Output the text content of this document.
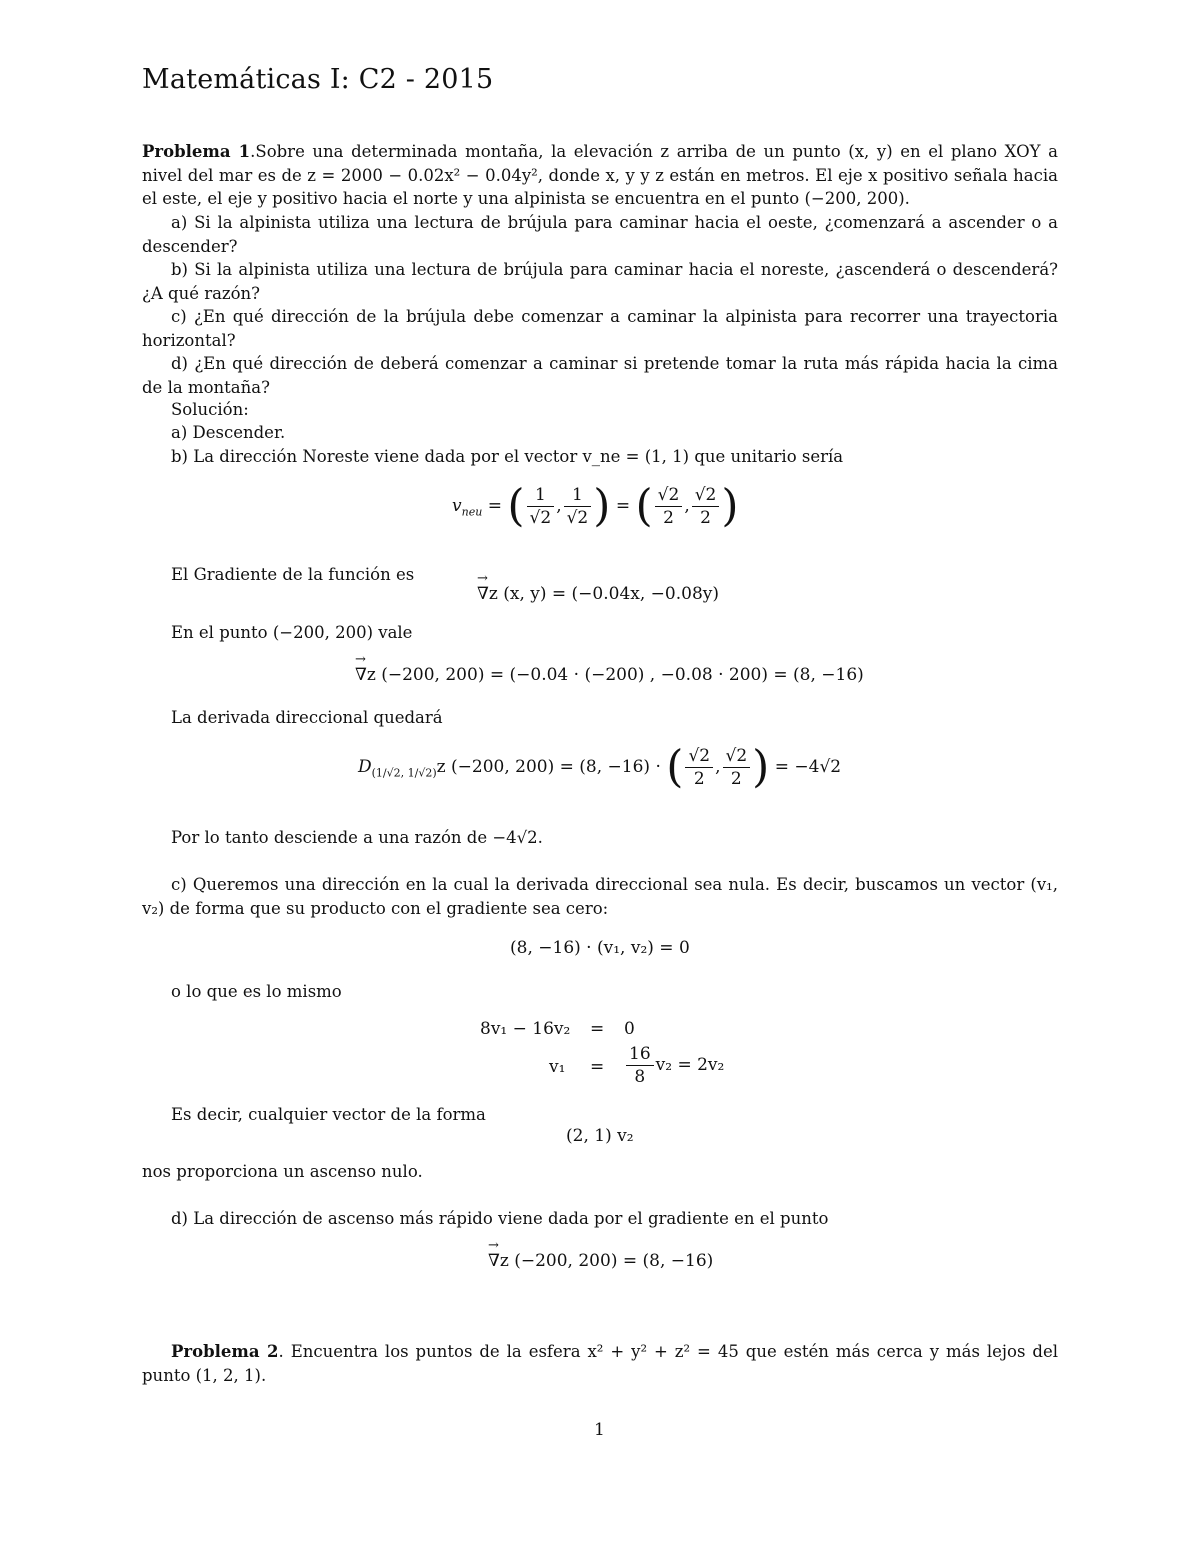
Matemáticas I: C2 - 2015
Problema 1.Sobre una determinada montaña, la elevación z arriba de un punto (x, y) en el plano XOY a nivel del mar es de z = 2000 − 0.02x² − 0.04y², donde x, y y z están en metros. El eje x positivo señala hacia el este, el eje y positivo hacia el norte y una alpinista se encuentra en el punto (−200, 200).
a) Si la alpinista utiliza una lectura de brújula para caminar hacia el oeste, ¿comenzará a ascender o a descender?
b) Si la alpinista utiliza una lectura de brújula para caminar hacia el noreste, ¿ascenderá o descenderá? ¿A qué razón?
c) ¿En qué dirección de la brújula debe comenzar a caminar la alpinista para recorrer una trayectoria horizontal?
d) ¿En qué dirección de deberá comenzar a caminar si pretende tomar la ruta más rápida hacia la cima de la montaña?
Solución:
a) Descender.
b) La dirección Noreste viene dada por el vector v_ne = (1, 1) que unitario sería
$v_{neu}$ = ( $\frac{1}{√2}$ , $\frac{1}{√2}$ ) = ( $\frac{√2}{2}$ , $\frac{√2}{2}$ )
El Gradiente de la función es
→ ∇z (x, y) = (−0.04x, −0.08y)
En el punto (−200, 200) vale
→ ∇z (−200, 200) = (−0.04 · (−200) , −0.08 · 200) = (8, −16)
La derivada direccional quedará
$D_{(1/√2, 1/√2)}z$ (−200, 200) = (8, −16) · ( $\frac{√2}{2}$ , $\frac{√2}{2}$ ) = −4√2
Por lo tanto desciende a una razón de −4√2.
c) Queremos una dirección en la cual la derivada direccional sea nula. Es decir, buscamos un vector (v₁, v₂) de forma que su producto con el gradiente sea cero:
(8, −16) · (v₁, v₂) = 0
o lo que es lo mismo
8v₁ − 16v₂ = 0
$v_1 = \frac{16}{8} v_2 = 2v_2$
Es decir, cualquier vector de la forma
(2, 1) v₂
nos proporciona un ascenso nulo.
d) La dirección de ascenso más rápido viene dada por el gradiente en el punto
→ ∇z (−200, 200) = (8, −16)
Problema 2. Encuentra los puntos de la esfera x² + y² + z² = 45 que estén más cerca y más lejos del punto (1, 2, 1).
1
